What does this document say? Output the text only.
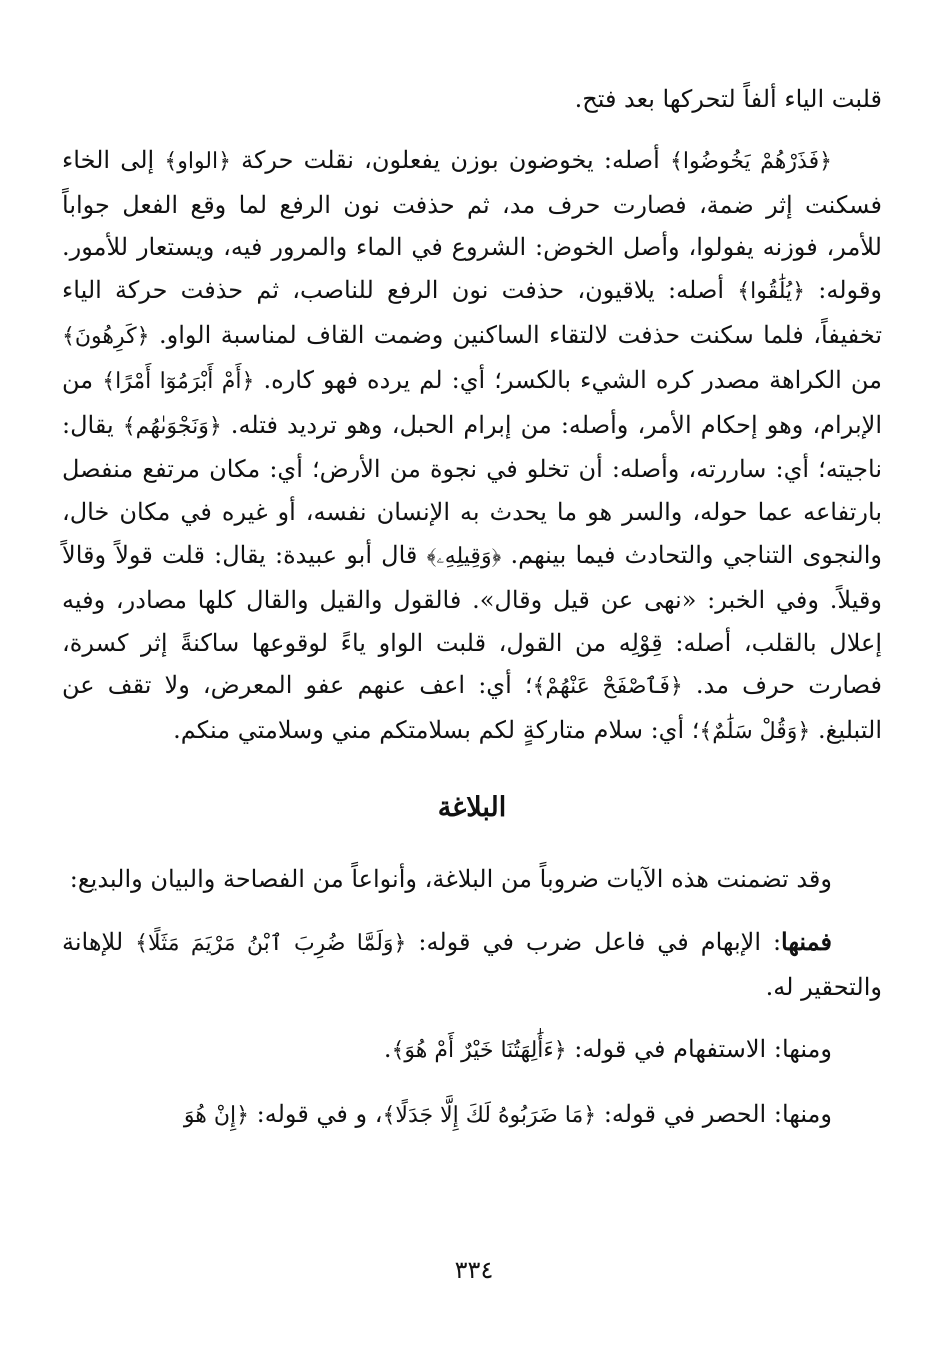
قلبت الياء ألفاً لتحركها بعد فتح.

﴿فَذَرْهُمْ يَخُوضُوا﴾ أصله: يخوضون بوزن يفعلون، نقلت حركة ﴿الواو﴾ إلى الخاء فسكنت إثر ضمة، فصارت حرف مد، ثم حذفت نون الرفع لما وقع الفعل جواباً للأمر، فوزنه يفولوا، وأصل الخوض: الشروع في الماء والمرور فيه، ويستعار للأمور. وقوله: ﴿يُلَٰقُوا﴾ أصله: يلاقيون، حذفت نون الرفع للناصب، ثم حذفت حركة الياء تخفيفاً، فلما سكنت حذفت لالتقاء الساكنين وضمت القاف لمناسبة الواو. ﴿كَرِهُونَ﴾ من الكراهة مصدر كره الشيء بالكسر؛ أي: لم يرده فهو كاره. ﴿أَمْ أَبْرَمُوٓا أَمْرًا﴾ من الإبرام، وهو إحكام الأمر، وأصله: من إبرام الحبل، وهو ترديد فتله. ﴿وَنَجْوَىٰهُم﴾ يقال: ناجيته؛ أي: ساررته، وأصله: أن تخلو في نجوة من الأرض؛ أي: مكان مرتفع منفصل بارتفاعه عما حوله، والسر هو ما يحدث به الإنسان نفسه، أو غيره في مكان خال، والنجوى التناجي والتحادث فيما بينهم. ﴿وَقِيلِهِۦ﴾ قال أبو عبيدة: يقال: قلت قولاً وقالاً وقيلاً. وفي الخبر: «نهى عن قيل وقال». فالقول والقيل والقال كلها مصادر، وفيه إعلال بالقلب، أصله: قِوْلِه من القول، قلبت الواو ياءً لوقوعها ساكنةً إثر كسرة، فصارت حرف مد. ﴿فَٱصْفَحْ عَنْهُمْ﴾؛ أي: اعف عنهم عفو المعرض، ولا تقف عن التبليغ. ﴿وَقُلْ سَلَٰمٌ﴾؛ أي: سلام متاركةٍ لكم بسلامتكم مني وسلامتي منكم.

البلاغة

وقد تضمنت هذه الآيات ضروباً من البلاغة، وأنواعاً من الفصاحة والبيان والبديع:

فمنها: الإبهام في فاعل ضرب في قوله: ﴿وَلَمَّا ضُرِبَ ٱبْنُ مَرْيَمَ مَثَلًا﴾ للإهانة والتحقير له.

ومنها: الاستفهام في قوله: ﴿ءَأَٰلِهَتُنَا خَيْرٌ أَمْ هُوَ﴾.

ومنها: الحصر في قوله: ﴿مَا ضَرَبُوهُ لَكَ إِلَّا جَدَلًا﴾، و في قوله: ﴿إِنْ هُوَ

٣٣٤
